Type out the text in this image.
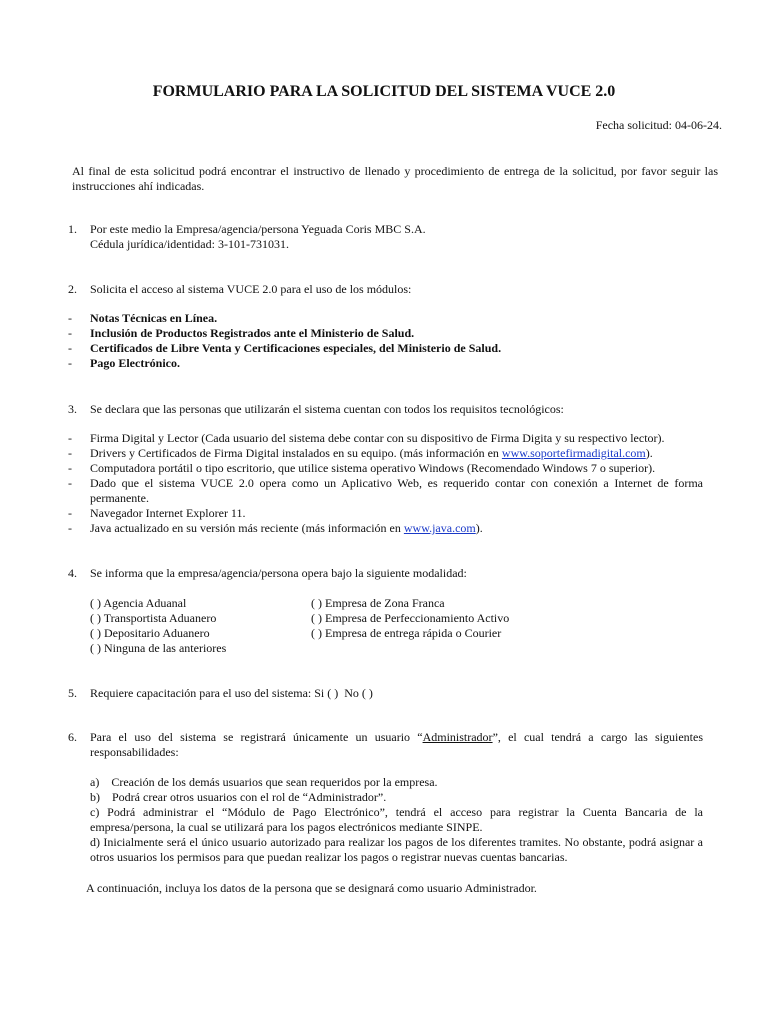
FORMULARIO PARA LA SOLICITUD DEL SISTEMA VUCE 2.0
Fecha solicitud: 04-06-24.
Al final de esta solicitud podrá encontrar el instructivo de llenado y procedimiento de entrega de la solicitud, por favor seguir las instrucciones ahí indicadas.
1. Por este medio la Empresa/agencia/persona Yeguada Coris MBC S.A.
Cédula jurídica/identidad: 3-101-731031.
2. Solicita el acceso al sistema VUCE 2.0 para el uso de los módulos:
- Notas Técnicas en Línea.
- Inclusión de Productos Registrados ante el Ministerio de Salud.
- Certificados de Libre Venta y Certificaciones especiales, del Ministerio de Salud.
- Pago Electrónico.
3. Se declara que las personas que utilizarán el sistema cuentan con todos los requisitos tecnológicos:
- Firma Digital y Lector (Cada usuario del sistema debe contar con su dispositivo de Firma Digita y su respectivo lector).
- Drivers y Certificados de Firma Digital instalados en su equipo. (más información en www.soportefirmadigital.com).
- Computadora portátil o tipo escritorio, que utilice sistema operativo Windows (Recomendado Windows 7 o superior).
- Dado que el sistema VUCE 2.0 opera como un Aplicativo Web, es requerido contar con conexión a Internet de forma permanente.
- Navegador Internet Explorer 11.
- Java actualizado en su versión más reciente (más información en www.java.com).
4. Se informa que la empresa/agencia/persona opera bajo la siguiente modalidad:
( ) Agencia Aduanal
( ) Transportista Aduanero
( ) Depositario Aduanero
( ) Ninguna de las anteriores
( ) Empresa de Zona Franca
( ) Empresa de Perfeccionamiento Activo
( ) Empresa de entrega rápida o Courier
5. Requiere capacitación para el uso del sistema: Si ( )  No ( )
6. Para el uso del sistema se registrará únicamente un usuario “Administrador”, el cual tendrá a cargo las siguientes responsabilidades:
a)    Creación de los demás usuarios que sean requeridos por la empresa.
b)    Podrá crear otros usuarios con el rol de “Administrador”.
c) Podrá administrar el “Módulo de Pago Electrónico”, tendrá el acceso para registrar la Cuenta Bancaria de la empresa/persona, la cual se utilizará para los pagos electrónicos mediante SINPE.
d) Inicialmente será el único usuario autorizado para realizar los pagos de los diferentes tramites. No obstante, podrá asignar a otros usuarios los permisos para que puedan realizar los pagos o registrar nuevas cuentas bancarias.
A continuación, incluya los datos de la persona que se designará como usuario Administrador.
